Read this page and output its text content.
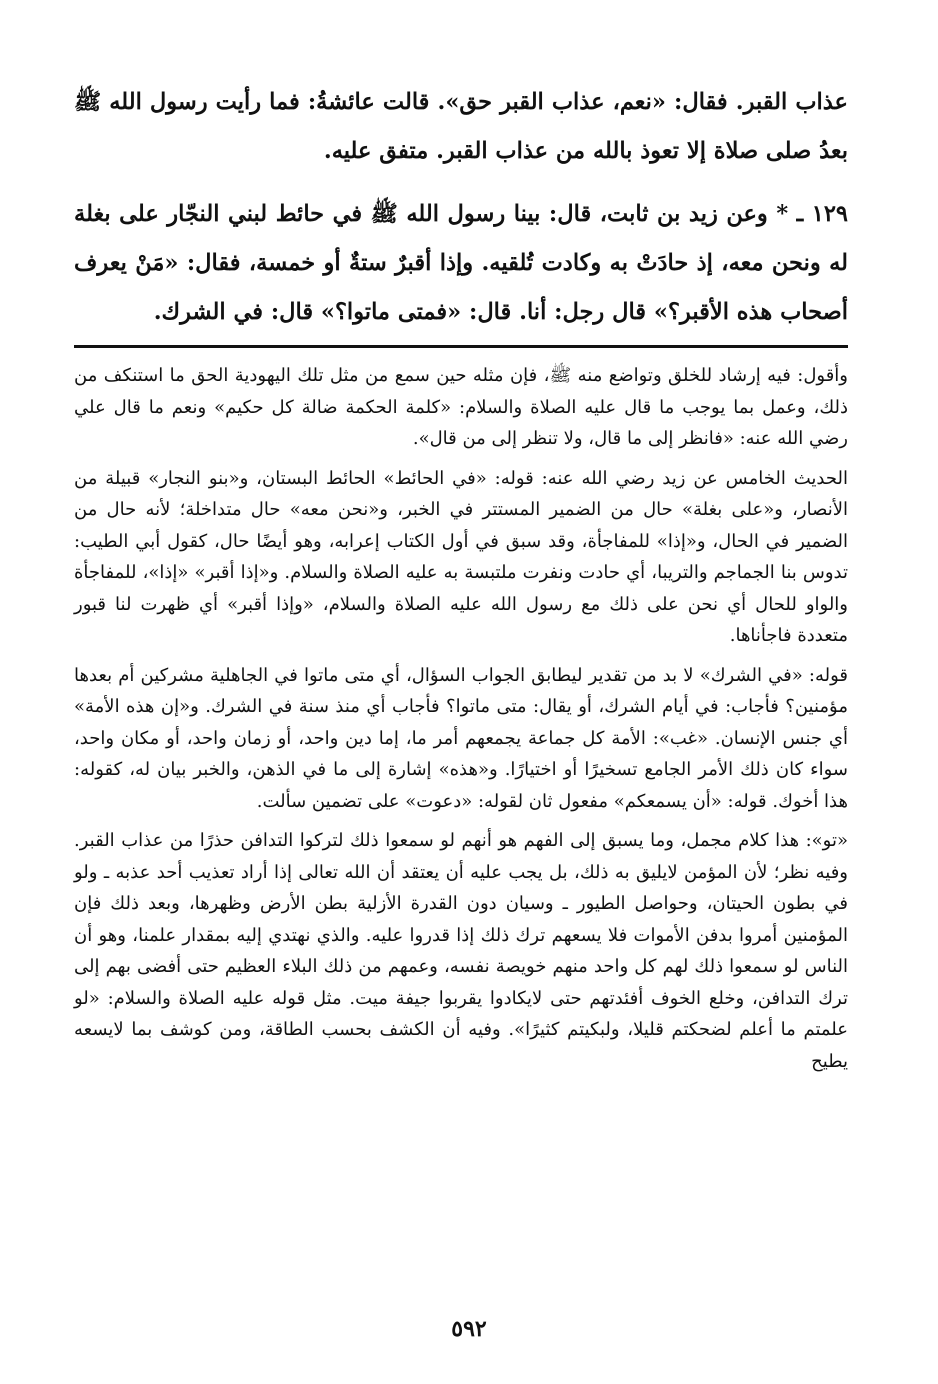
عذاب القبر. فقال: «نعم، عذاب القبر حق». قالت عائشةُ: فما رأيت رسول الله ﷺ بعدُ صلى صلاة إلا تعوذ بالله من عذاب القبر. متفق عليه.

١٢٩ ـ * وعن زيد بن ثابت، قال: بينا رسول الله ﷺ في حائط لبني النجّار على بغلة له ونحن معه، إذ حادَتْ به وكادت تُلقيه. وإذا أقبرٌ ستةٌ أو خمسة، فقال: «مَنْ يعرف أصحاب هذه الأقبر؟» قال رجل: أنا. قال: «فمتى ماتوا؟» قال: في الشرك.

وأقول: فيه إرشاد للخلق وتواضع منه ﷺ، فإن مثله حين سمع من مثل تلك اليهودية الحق ما استنكف من ذلك، وعمل بما يوجب ما قال عليه الصلاة والسلام: «كلمة الحكمة ضالة كل حكيم» ونعم ما قال علي رضي الله عنه: «فانظر إلى ما قال، ولا تنظر إلى من قال».

الحديث الخامس عن زيد رضي الله عنه: قوله: «في الحائط» الحائط البستان، و«بنو النجار» قبيلة من الأنصار، و«على بغلة» حال من الضمير المستتر في الخبر، و«نحن معه» حال متداخلة؛ لأنه حال من الضمير في الحال، و«إذا» للمفاجأة، وقد سبق في أول الكتاب إعرابه، وهو أيضًا حال، كقول أبي الطيب: تدوس بنا الجماجم والتريبا، أي حادت ونفرت ملتبسة به عليه الصلاة والسلام. و«إذا أقبر» «إذا»، للمفاجأة والواو للحال أي نحن على ذلك مع رسول الله عليه الصلاة والسلام، «وإذا أقبر» أي ظهرت لنا قبور متعددة فاجأناها.

قوله: «في الشرك» لا بد من تقدير ليطابق الجواب السؤال، أي متى ماتوا في الجاهلية مشركين أم بعدها مؤمنين؟ فأجاب: في أيام الشرك، أو يقال: متى ماتوا؟ فأجاب أي منذ سنة في الشرك. و«إن هذه الأمة» أي جنس الإنسان. «غب»: الأمة كل جماعة يجمعهم أمر ما، إما دين واحد، أو زمان واحد، أو مكان واحد، سواء كان ذلك الأمر الجامع تسخيرًا أو اختيارًا. و«هذه» إشارة إلى ما في الذهن، والخبر بيان له، كقوله: هذا أخوك. قوله: «أن يسمعكم» مفعول ثان لقوله: «دعوت» على تضمين سألت.

«تو»: هذا كلام مجمل، وما يسبق إلى الفهم هو أنهم لو سمعوا ذلك لتركوا التدافن حذرًا من عذاب القبر. وفيه نظر؛ لأن المؤمن لايليق به ذلك، بل يجب عليه أن يعتقد أن الله تعالى إذا أراد تعذيب أحد عذبه ـ ولو في بطون الحيتان، وحواصل الطيور ـ وسيان دون القدرة الأزلية بطن الأرض وظهرها، وبعد ذلك فإن المؤمنين أمروا بدفن الأموات فلا يسعهم ترك ذلك إذا قدروا عليه. والذي نهتدي إليه بمقدار علمنا، وهو أن الناس لو سمعوا ذلك لهم كل واحد منهم خويصة نفسه، وعمهم من ذلك البلاء العظيم حتى أفضى بهم إلى ترك التدافن، وخلع الخوف أفئدتهم حتى لايكادوا يقربوا جيفة ميت. مثل قوله عليه الصلاة والسلام: «لو علمتم ما أعلم لضحكتم قليلا، ولبكيتم كثيرًا». وفيه أن الكشف بحسب الطاقة، ومن كوشف بما لايسعه يطيح

٥٩٢
